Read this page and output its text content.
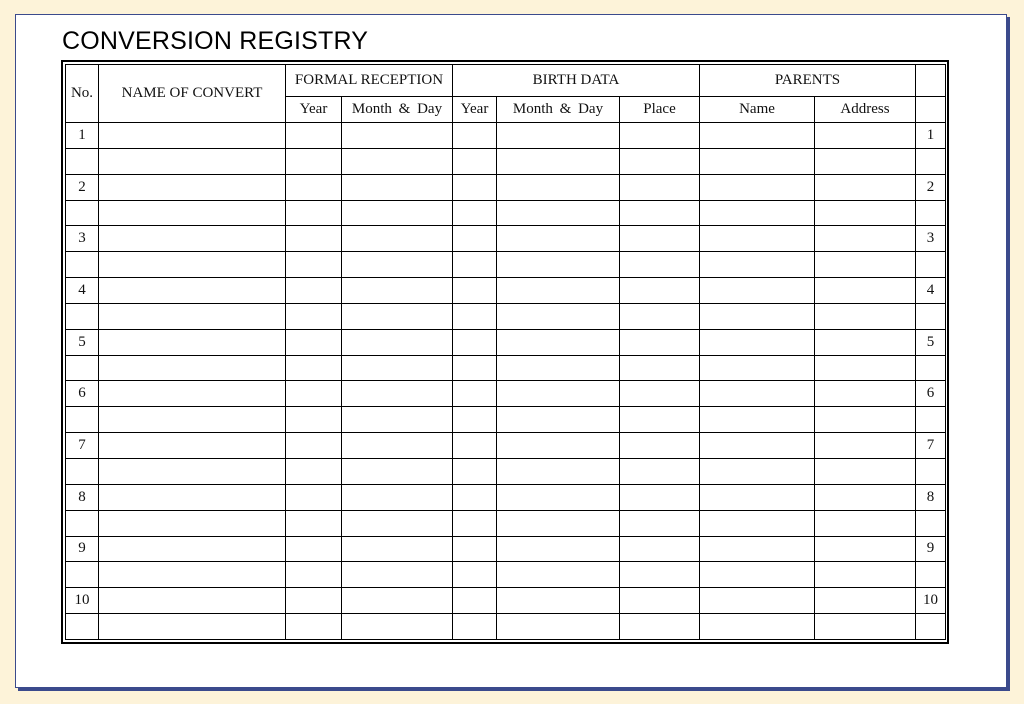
CONVERSION REGISTRY
No.	NAME OF CONVERT	FORMAL RECEPTION		BIRTH DATA			PARENTS		
		Year	Month & Day	Year	Month & Day	Place	Name	Address	
1									1

2									2

3									3

4									4

5									5

6									6

7									7

8									8

9									9

10									10
